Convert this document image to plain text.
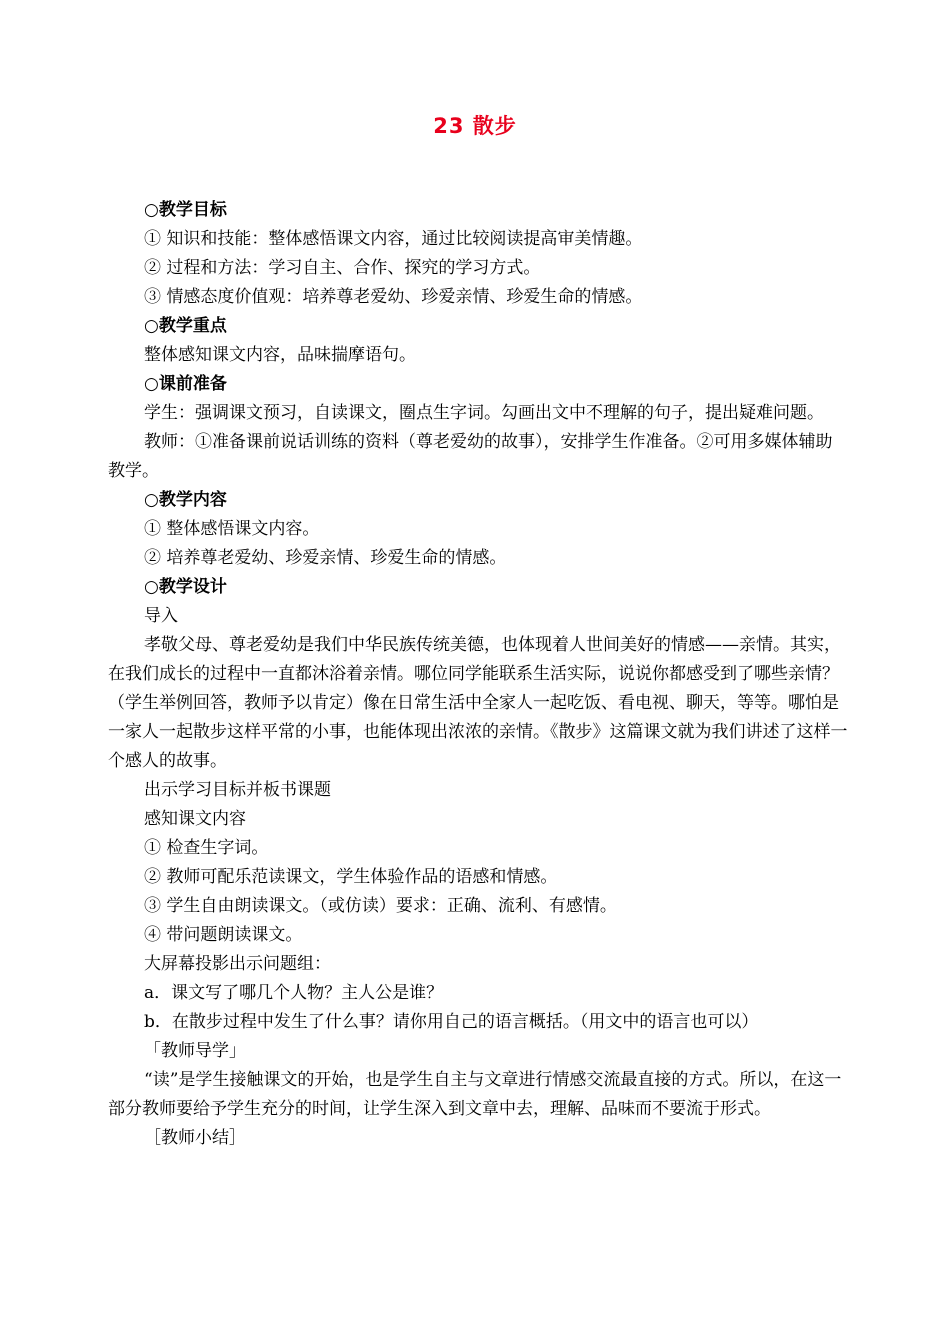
23 散步

○教学目标

① 知识和技能：整体感悟课文内容，通过比较阅读提高审美情趣。

② 过程和方法：学习自主、合作、探究的学习方式。

③ 情感态度价值观：培养尊老爱幼、珍爱亲情、珍爱生命的情感。

○教学重点

整体感知课文内容，品味揣摩语句。

○课前准备

学生：强调课文预习，自读课文，圈点生字词。勾画出文中不理解的句子，提出疑难问题。

教师：①准备课前说话训练的资料（尊老爱幼的故事），安排学生作准备。②可用多媒体辅助教学。

○教学内容

① 整体感悟课文内容。

② 培养尊老爱幼、珍爱亲情、珍爱生命的情感。

○教学设计

导入

孝敬父母、尊老爱幼是我们中华民族传统美德，也体现着人世间美好的情感——亲情。其实，在我们成长的过程中一直都沐浴着亲情。哪位同学能联系生活实际，说说你都感受到了哪些亲情？（学生举例回答，教师予以肯定）像在日常生活中全家人一起吃饭、看电视、聊天，等等。哪怕是一家人一起散步这样平常的小事，也能体现出浓浓的亲情。《散步》这篇课文就为我们讲述了这样一个感人的故事。

出示学习目标并板书课题

感知课文内容

① 检查生字词。

② 教师可配乐范读课文，学生体验作品的语感和情感。

③ 学生自由朗读课文。（或仿读）要求：正确、流利、有感情。

④ 带问题朗读课文。

大屏幕投影出示问题组：

a．课文写了哪几个人物？主人公是谁？

b．在散步过程中发生了什么事？请你用自己的语言概括。（用文中的语言也可以）

「教师导学」

“读”是学生接触课文的开始，也是学生自主与文章进行情感交流最直接的方式。所以，在这一部分教师要给予学生充分的时间，让学生深入到文章中去，理解、品味而不要流于形式。

［教师小结］
